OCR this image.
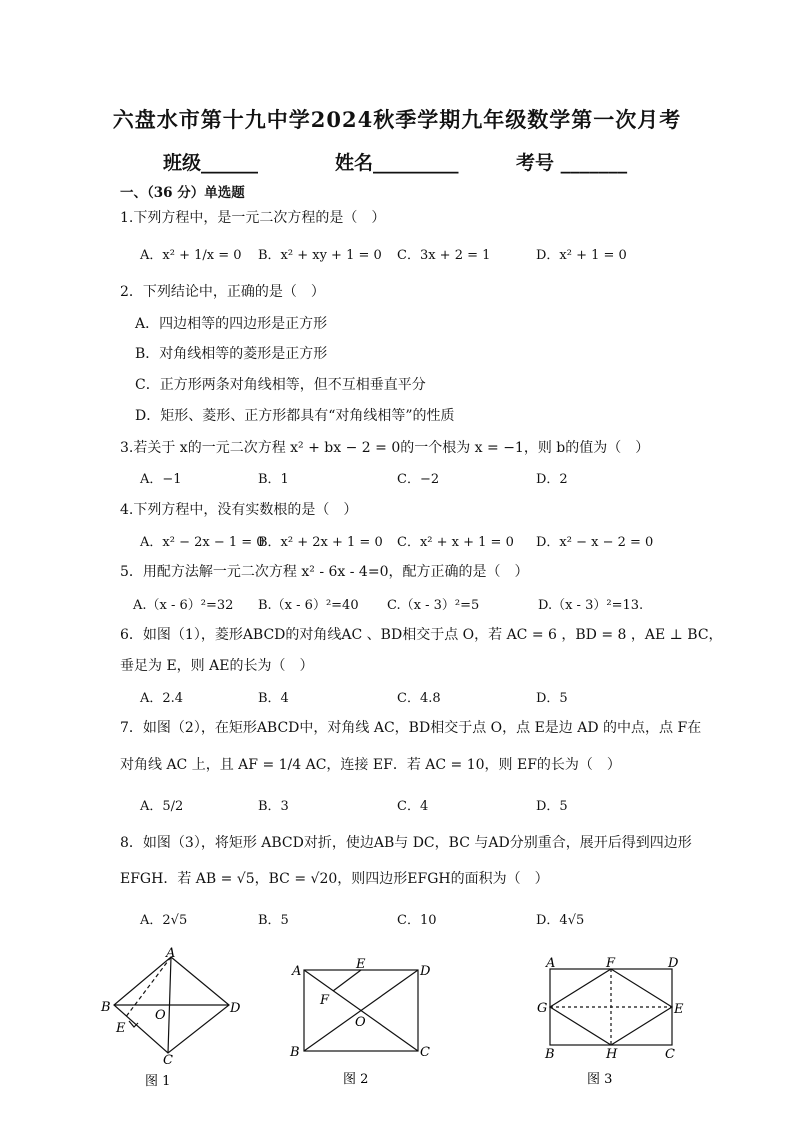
六盘水市第十九中学2024秋季学期九年级数学第一次月考
班级______	姓名_________	考号 _______
一、（36 分）单选题
1.下列方程中，是一元二次方程的是（　）
A．x² + 1/x = 0 B．x² + xy + 1 = 0 C．3x + 2 = 1	D．x² + 1 = 0
2．下列结论中，正确的是（　）
A．四边相等的四边形是正方形
B．对角线相等的菱形是正方形
C．正方形两条对角线相等，但不互相垂直平分
D．矩形、菱形、正方形都具有“对角线相等”的性质
3.若关于 x的一元二次方程 x² + bx − 2 = 0的一个根为 x = −1，则 b的值为（　）
A．−1	B．1	C．−2	D．2
4.下列方程中，没有实数根的是（　）
A．x² − 2x − 1 = 0
B．x² + 2x + 1 = 0 C．x² + x + 1 = 0 D．x² − x − 2 = 0
5．用配方法解一元二次方程 x² - 6x - 4=0，配方正确的是（　）
A.（x - 6）²=32 B.（x - 6）²=40 C.（x - 3）²=5	D.（x - 3）²=13.
6．如图（1），菱形ABCD的对角线AC 、BD相交于点 O，若 AC = 6 ，BD = 8 ，AE ⊥ BC，
垂足为 E，则 AE的长为（　）
A．2.4	B．4	C．4.8	D．5
7．如图（2），在矩形ABCD中，对角线 AC，BD相交于点 O，点 E是边 AD 的中点，点 F在
对角线 AC 上，且 AF = 1/4 AC，连接 EF．若 AC = 10，则 EF的长为（　）
A．5/2	B．3	C．4	D．5
8．如图（3），将矩形 ABCD对折，使边AB与 DC，BC 与AD分别重合，展开后得到四边形
EFGH．若 AB = √5，BC = √20，则四边形EFGH的面积为（　）
A．2√5	B．5	C．10	D．4√5
A
B
C
D
E
O
图 1
A
B	C
D
E
F
O
图 2
A
B	C
D
E
F
G
H
图 3
